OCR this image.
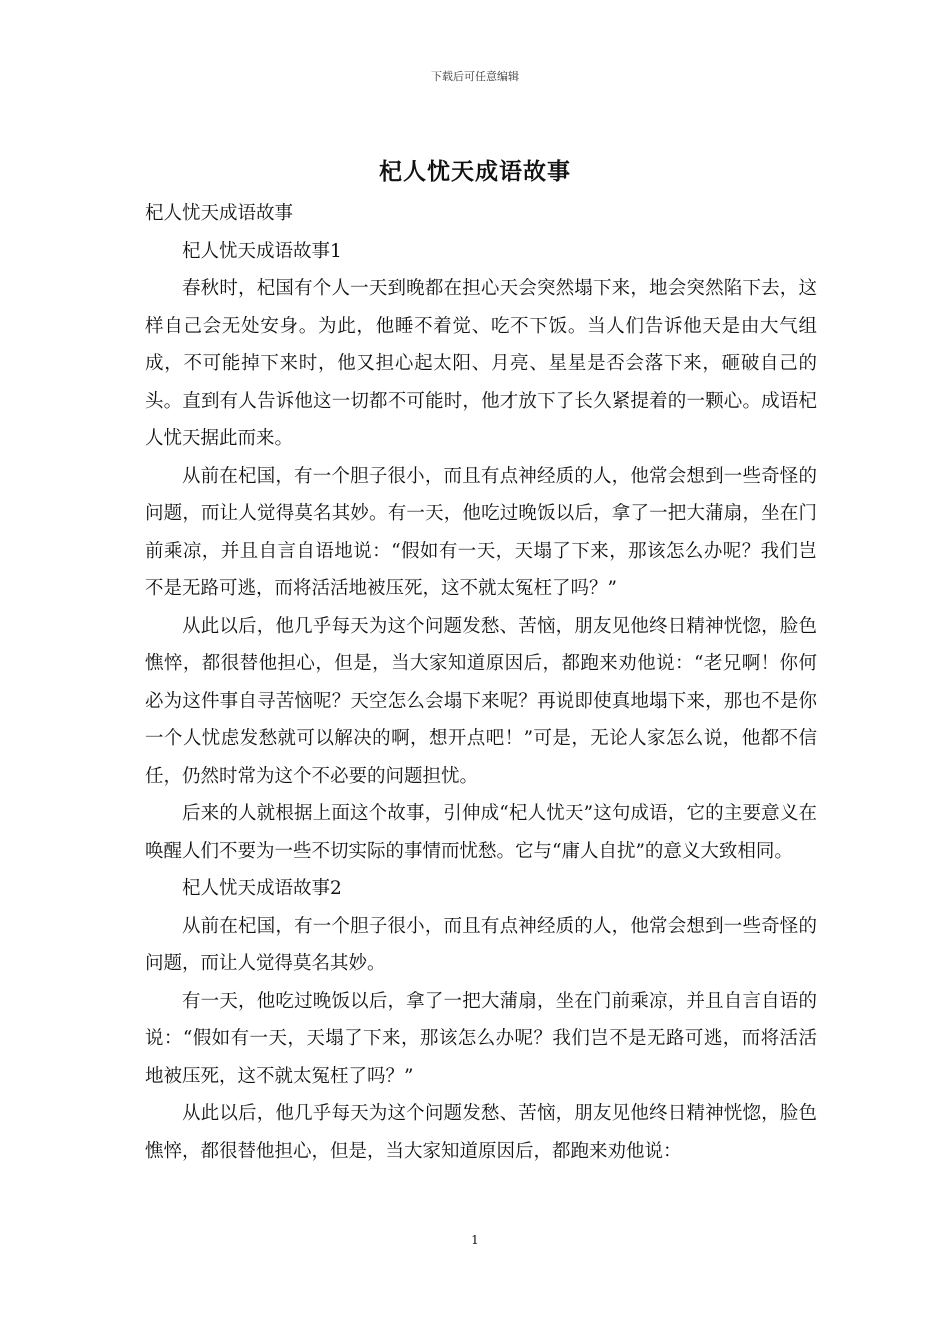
下载后可任意编辑
杞人忧天成语故事

杞人忧天成语故事

杞人忧天成语故事1

春秋时，杞国有个人一天到晚都在担心天会突然塌下来，地会突然陷下去，这样自己会无处安身。为此，他睡不着觉、吃不下饭。当人们告诉他天是由大气组成，不可能掉下来时，他又担心起太阳、月亮、星星是否会落下来，砸破自己的头。直到有人告诉他这一切都不可能时，他才放下了长久紧提着的一颗心。成语杞人忧天据此而来。

从前在杞国，有一个胆子很小，而且有点神经质的人，他常会想到一些奇怪的问题，而让人觉得莫名其妙。有一天，他吃过晚饭以后，拿了一把大蒲扇，坐在门前乘凉，并且自言自语地说：“假如有一天，天塌了下来，那该怎么办呢？我们岂不是无路可逃，而将活活地被压死，这不就太冤枉了吗？”

从此以后，他几乎每天为这个问题发愁、苦恼，朋友见他终日精神恍惚，脸色憔悴，都很替他担心，但是，当大家知道原因后，都跑来劝他说：“老兄啊！你何必为这件事自寻苦恼呢？天空怎么会塌下来呢？再说即使真地塌下来，那也不是你一个人忧虑发愁就可以解决的啊，想开点吧！”可是，无论人家怎么说，他都不信任，仍然时常为这个不必要的问题担忧。

后来的人就根据上面这个故事，引伸成“杞人忧天”这句成语，它的主要意义在唤醒人们不要为一些不切实际的事情而忧愁。它与“庸人自扰”的意义大致相同。

杞人忧天成语故事2

从前在杞国，有一个胆子很小，而且有点神经质的人，他常会想到一些奇怪的问题，而让人觉得莫名其妙。

有一天，他吃过晚饭以后，拿了一把大蒲扇，坐在门前乘凉，并且自言自语的说：“假如有一天，天塌了下来，那该怎么办呢？我们岂不是无路可逃，而将活活地被压死，这不就太冤枉了吗？”

从此以后，他几乎每天为这个问题发愁、苦恼，朋友见他终日精神恍惚，脸色憔悴，都很替他担心，但是，当大家知道原因后，都跑来劝他说：

1
